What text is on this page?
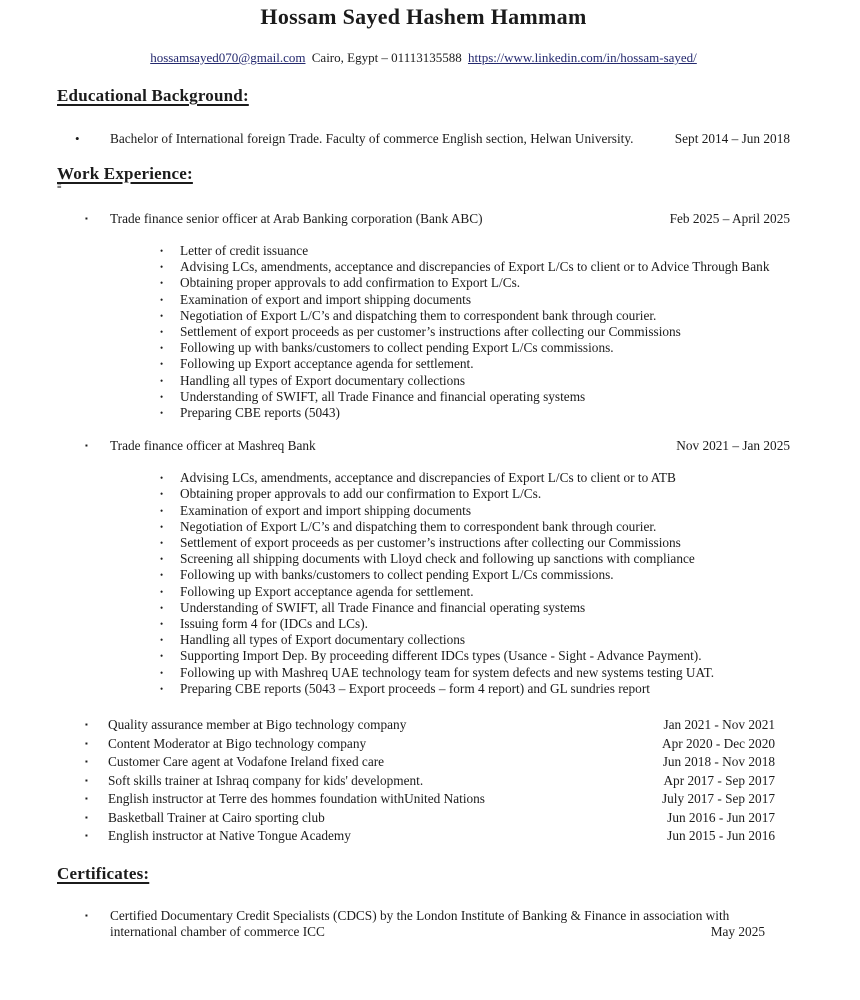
Hossam Sayed Hashem Hammam
hossamsayed070@gmail.com Cairo, Egypt – 01113135588 https://www.linkedin.com/in/hossam-sayed/
Educational Background:
•	Bachelor of International foreign Trade. Faculty of commerce English section, Helwan University.	Sept 2014 – Jun 2018
Work Experience:
≡
▪	Trade finance senior officer at Arab Banking corporation (Bank ABC)	Feb 2025 – April 2025
•	Letter of credit issuance
•	Advising LCs, amendments, acceptance and discrepancies of Export L/Cs to client or to Advice Through Bank
•	Obtaining proper approvals to add confirmation to Export L/Cs.
•	Examination of export and import shipping documents
•	Negotiation of Export L/C’s and dispatching them to correspondent bank through courier.
•	Settlement of export proceeds as per customer’s instructions after collecting our Commissions
•	Following up with banks/customers to collect pending Export L/Cs commissions.
•	Following up Export acceptance agenda for settlement.
•	Handling all types of Export documentary collections
•	Understanding of SWIFT, all Trade Finance and financial operating systems
•	Preparing CBE reports (5043)
▪	Trade finance officer at Mashreq Bank	Nov 2021 – Jan 2025
•	Advising LCs, amendments, acceptance and discrepancies of Export L/Cs to client or to ATB
•	Obtaining proper approvals to add our confirmation to Export L/Cs.
•	Examination of export and import shipping documents
•	Negotiation of Export L/C’s and dispatching them to correspondent bank through courier.
•	Settlement of export proceeds as per customer’s instructions after collecting our Commissions
•	Screening all shipping documents with Lloyd check and following up sanctions with compliance
•	Following up with banks/customers to collect pending Export L/Cs commissions.
•	Following up Export acceptance agenda for settlement.
•	Understanding of SWIFT, all Trade Finance and financial operating systems
•	Issuing form 4 for (IDCs and LCs).
•	Handling all types of Export documentary collections
•	Supporting Import Dep. By proceeding different IDCs types (Usance - Sight - Advance Payment).
•	Following up with Mashreq UAE technology team for system defects and new systems testing UAT.
•	Preparing CBE reports (5043 – Export proceeds – form 4 report) and GL sundries report
▪	Quality assurance member at Bigo technology company	Jan 2021 - Nov 2021
▪	Content Moderator at Bigo technology company	Apr 2020 - Dec 2020
▪	Customer Care agent at Vodafone Ireland fixed care	Jun 2018 - Nov 2018
▪	Soft skills trainer at Ishraq company for kids' development.	Apr 2017 - Sep 2017
▪	English instructor at Terre des hommes foundation withUnited Nations	July 2017 - Sep 2017
▪	Basketball Trainer at Cairo sporting club	Jun 2016 - Jun 2017
▪	English instructor at Native Tongue Academy	Jun 2015 - Jun 2016
Certificates:
▪	Certified Documentary Credit Specialists (CDCS) by the London Institute of Banking & Finance in association with
international chamber of commerce ICC	May 2025
